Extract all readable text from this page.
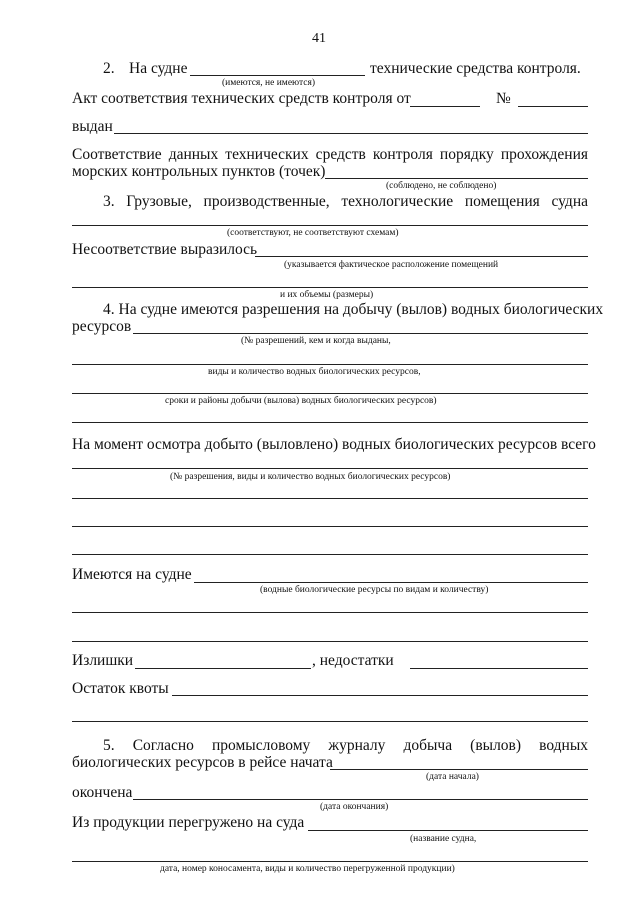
41
2. На судне	технические средства контроля.
(имеются, не имеются)
Акт соответствия технических средств контроля от	№
выдан
Соответствие данных технических средств контроля порядку прохождения
морских контрольных пунктов (точек)
(соблюдено, не соблюдено)
3. Грузовые, производственные, технологические помещения судна
(соответствуют, не соответствуют схемам)
Несоответствие выразилось
(указывается фактическое расположение помещений
и их объемы (размеры)
4. На судне имеются разрешения на добычу (вылов) водных биологических
ресурсов
(№ разрешений, кем и когда выданы,
виды и количество водных биологических ресурсов,
сроки и районы добычи (вылова) водных биологических ресурсов)
На момент осмотра добыто (выловлено) водных биологических ресурсов всего
(№ разрешения, виды и количество водных биологических ресурсов)
Имеются на судне
(водные биологические ресурсы по видам и количеству)
Излишки	, недостатки
Остаток квоты
5. Согласно промысловому журналу добыча (вылов) водных
биологических ресурсов в рейсе начата
(дата начала)
окончена
(дата окончания)
Из продукции перегружено на суда
(название судна,
дата, номер коносамента, виды и количество перегруженной продукции)
